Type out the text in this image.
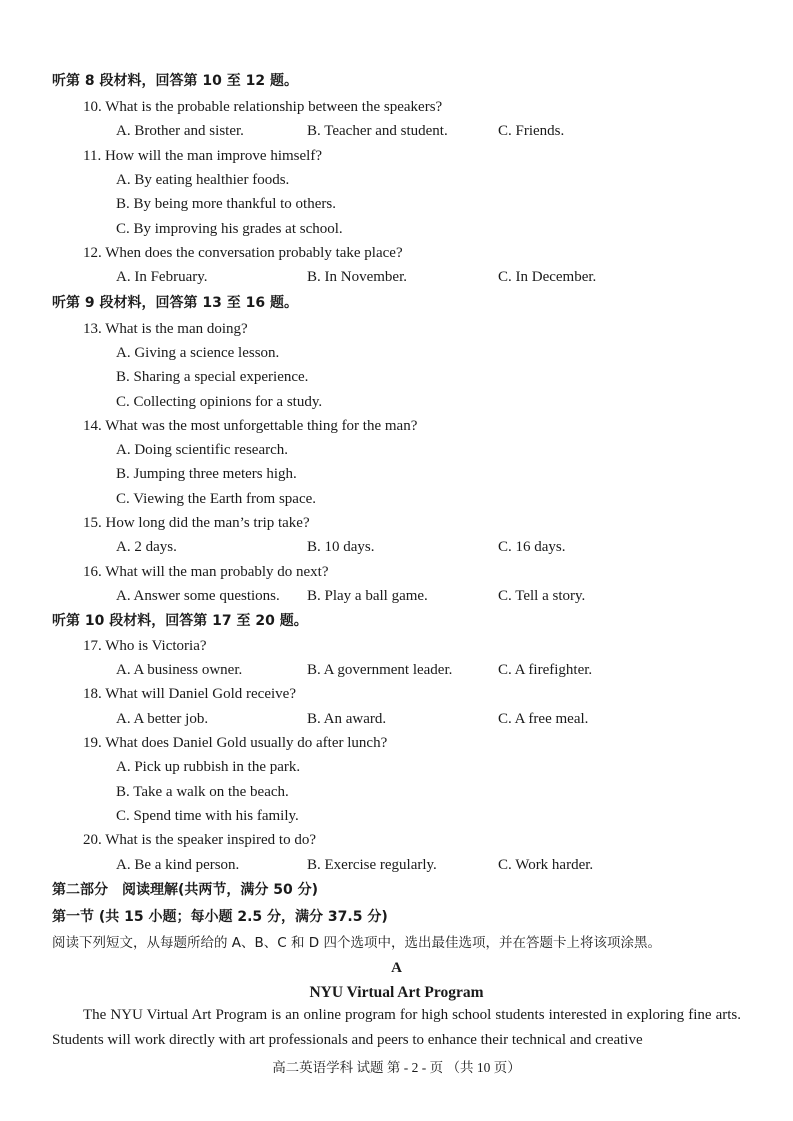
听第 8 段材料，回答第 10 至 12 题。
10. What is the probable relationship between the speakers?
A. Brother and sister.	B. Teacher and student.	C. Friends.
11. How will the man improve himself?
A. By eating healthier foods.
B. By being more thankful to others.
C. By improving his grades at school.
12. When does the conversation probably take place?
A. In February.	B. In November.	C. In December.
听第 9 段材料，回答第 13 至 16 题。
13. What is the man doing?
A. Giving a science lesson.
B. Sharing a special experience.
C. Collecting opinions for a study.
14. What was the most unforgettable thing for the man?
A. Doing scientific research.
B. Jumping three meters high.
C. Viewing the Earth from space.
15. How long did the man’s trip take?
A. 2 days.	B. 10 days.	C. 16 days.
16. What will the man probably do next?
A. Answer some questions. B. Play a ball game.	C. Tell a story.
听第 10 段材料，回答第 17 至 20 题。
17. Who is Victoria?
A. A business owner.	B. A government leader.	C. A firefighter.
18. What will Daniel Gold receive?
A. A better job.	B. An award.	C. A free meal.
19. What does Daniel Gold usually do after lunch?
A. Pick up rubbish in the park.
B. Take a walk on the beach.
C. Spend time with his family.
20. What is the speaker inspired to do?
A. Be a kind person.	B. Exercise regularly.	C. Work harder.
第二部分　阅读理解(共两节，满分 50 分)
第一节 (共 15 小题；每小题 2.5 分，满分 37.5 分)
阅读下列短文，从每题所给的 A、B、C 和 D 四个选项中，选出最佳选项，并在答题卡上将该项涂黑。
A
NYU Virtual Art Program
The NYU Virtual Art Program is an online program for high school students interested in exploring fine arts. Students will work directly with art professionals and peers to enhance their technical and creative
高二英语学科 试题 第 - 2 - 页 （共 10 页）
